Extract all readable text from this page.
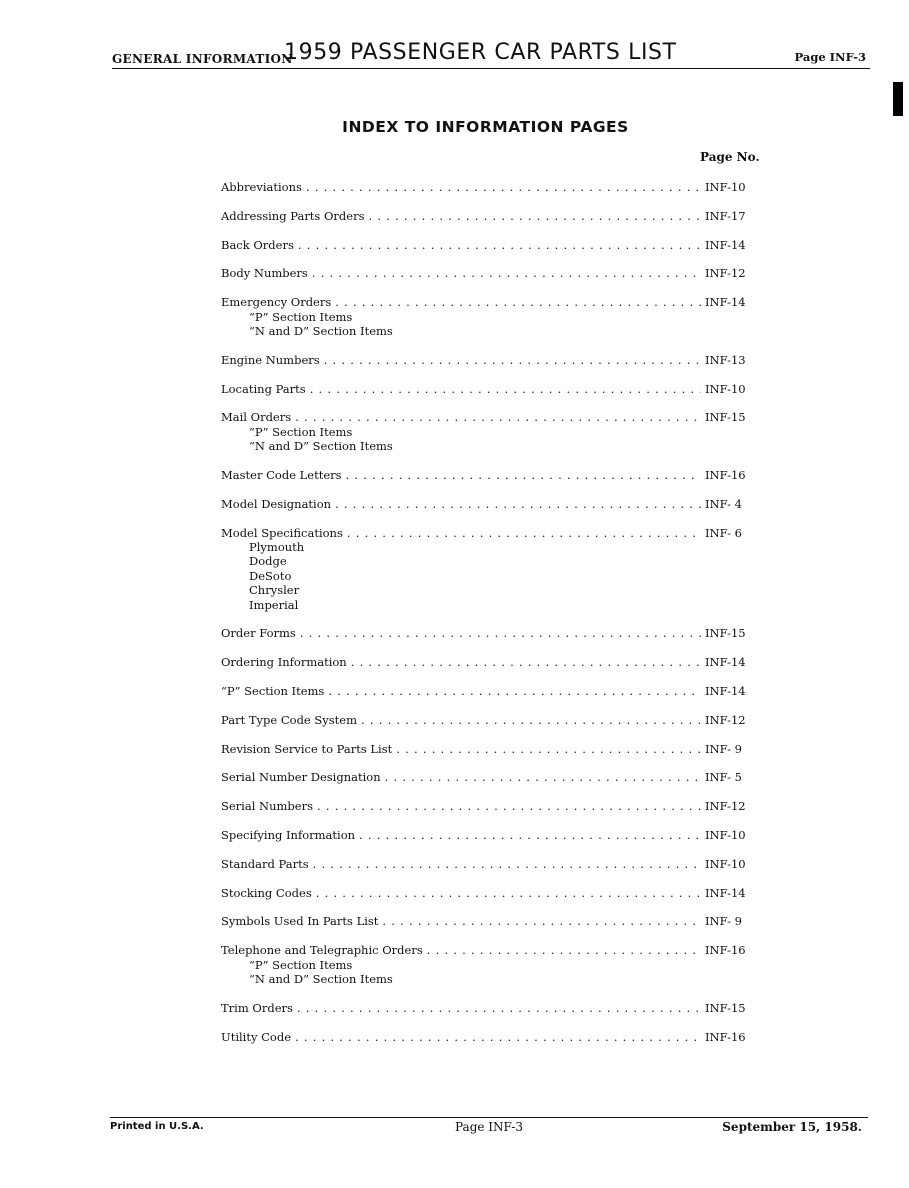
GENERAL INFORMATION
1959 PASSENGER CAR PARTS LIST	Page INF-3
INDEX TO INFORMATION PAGES
Page No.
Abbreviations .....	INF-10
Addressing Parts Orders .....	INF-17
Back Orders .....	INF-14
Body Numbers .....	INF-12
Emergency Orders .....	INF-14
“P” Section Items
“N and D” Section Items
Engine Numbers .....	INF-13
Locating Parts .....	INF-10
Mail Orders .....	INF-15
“P” Section Items
“N and D” Section Items
Master Code Letters .....	INF-16
Model Designation .....	INF- 4
Model Specifications .....	INF- 6
Plymouth
Dodge
DeSoto
Chrysler
Imperial
Order Forms .....	INF-15
Ordering Information .....	INF-14
“P” Section Items .....	INF-14
Part Type Code System .....	INF-12
Revision Service to Parts List .....	INF- 9
Serial Number Designation .....	INF- 5
Serial Numbers .....	INF-12
Specifying Information .....	INF-10
Standard Parts .....	INF-10
Stocking Codes .....	INF-14
Symbols Used In Parts List .....	INF- 9
Telephone and Telegraphic Orders .....	INF-16
“P” Section Items
“N and D” Section Items
Trim Orders .....	INF-15
Utility Code .....	INF-16
Printed in U.S.A.	Page INF-3	September 15, 1958.
